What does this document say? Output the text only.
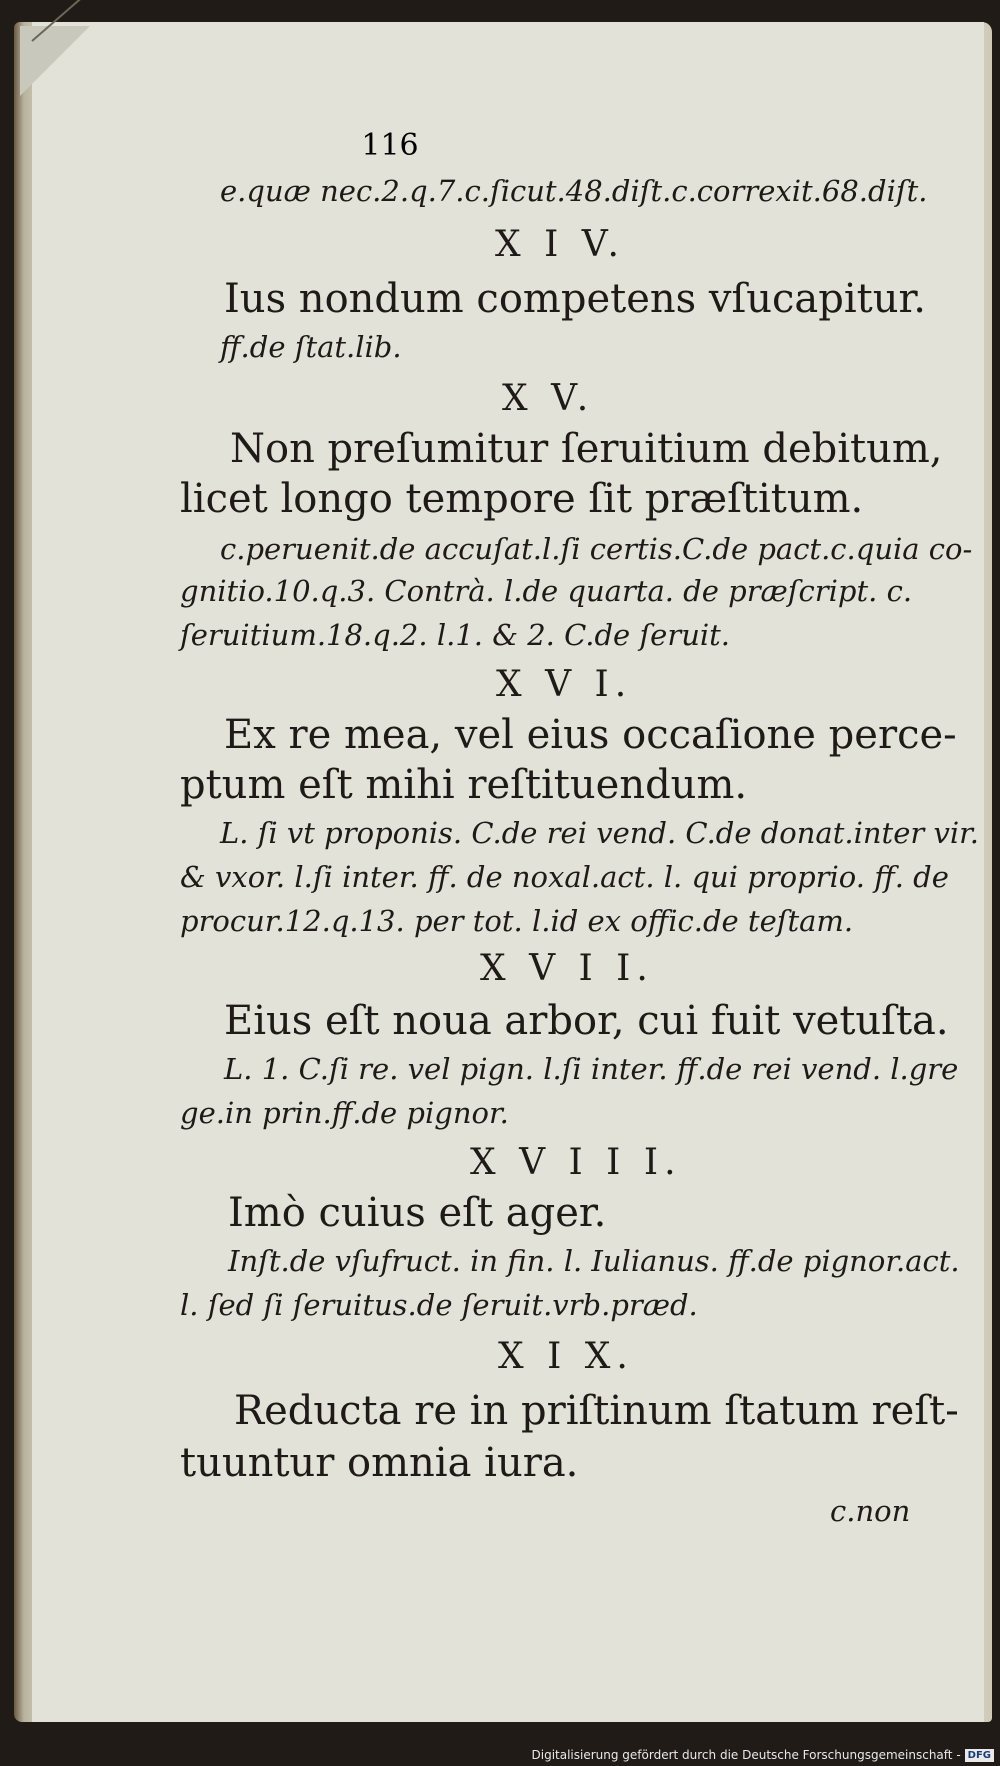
116
e.quæ nec.2.q.7.c.ſicut.48.diſt.c.correxit.68.diſt.
X I V.
Ius nondum competens vſucapitur.
ff.de ſtat.lib.
X V.
Non preſumitur ſeruitium debitum,
licet longo tempore ſit præſtitum.
c.peruenit.de accuſat.l.ſi certis.C.de pact.c.quia co-
gnitio.10.q.3. Contrà. l.de quarta. de præſcript. c.
ſeruitium.18.q.2. l.1. & 2. C.de ſeruit.
X V I.
Ex re mea, vel eius occaſione perce-
ptum eſt mihi reſtituendum.
L. ſi vt proponis. C.de rei vend. C.de donat.inter vir.
& vxor. l.ſi inter. ff. de noxal.act. l. qui proprio. ff. de
procur.12.q.13. per tot. l.id ex offic.de teſtam.
X V I I.
Eius eſt noua arbor, cui fuit vetuſta.
L. 1. C.ſi re. vel pign. l.ſi inter. ff.de rei vend. l.gre
ge.in prin.ff.de pignor.
X V I I I.
Imò cuius eſt ager.
Inſt.de vſufruct. in fin. l. Iulianus. ff.de pignor.act.
l. ſed ſi ſeruitus.de ſeruit.vrb.præd.
X I X.
Reducta re in priſtinum ſtatum reſt-
tuuntur omnia iura.
c.non
Digitalisierung gefördert durch die Deutsche Forschungsgemeinschaft - DFG
